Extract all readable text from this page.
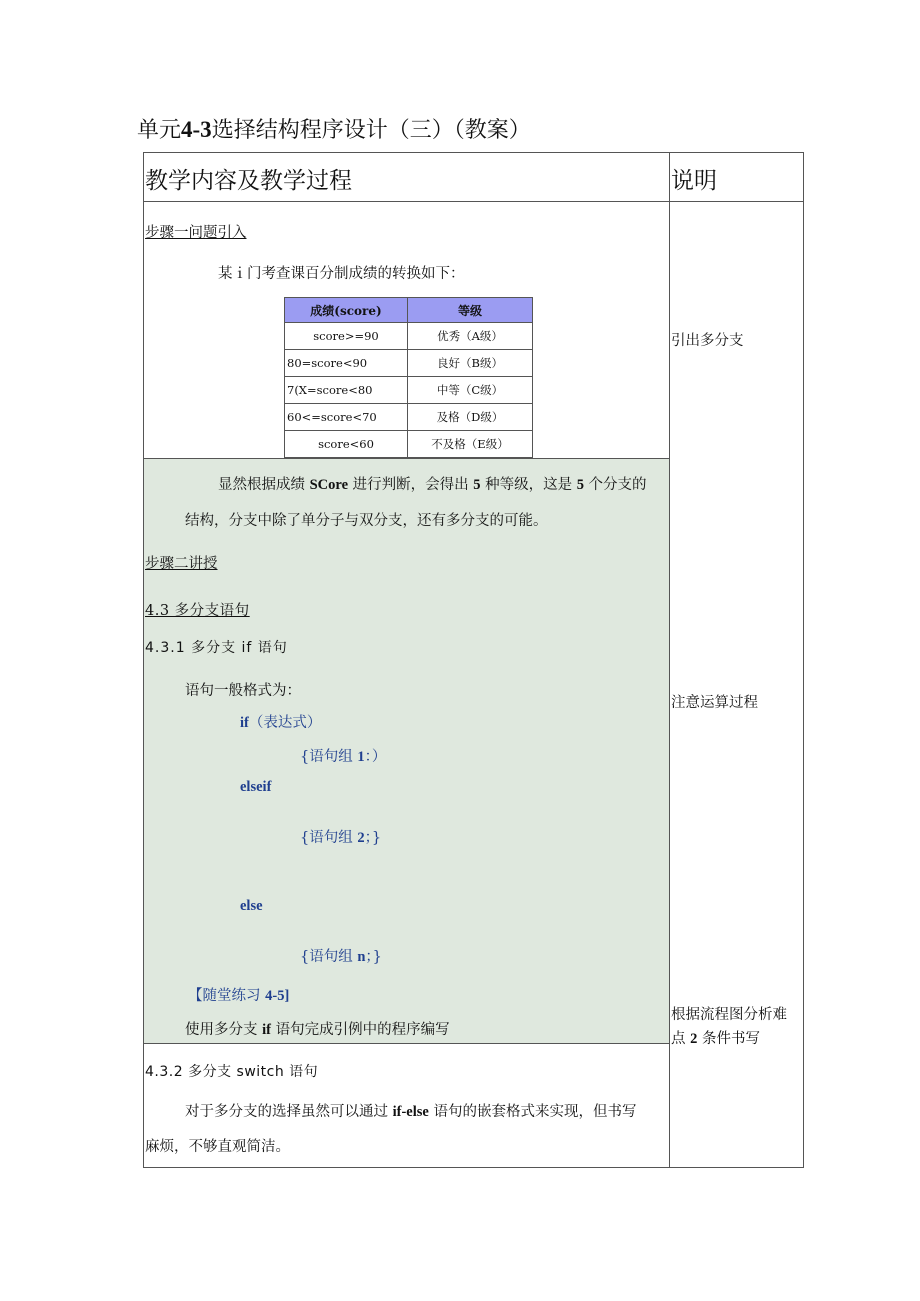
单元4-3选择结构程序设计（三）（教案）
教学内容及教学过程	说明
步骤一问题引入
某ｉ门考查课百分制成绩的转换如下：
成绩(score)	等级
score>=90	优秀（A级）
80=score<90	良好（B级）
7(X=score<80	中等（C级）
60<=score<70	及格（D级）
score<60	不及格（E级）
显然根据成绩 SCore 进行判断，会得出 5 种等级，这是 5 个分支的
结构，分支中除了单分子与双分支，还有多分支的可能。
步骤二讲授
4.3 多分支语句
4.3.1 多分支 if 语句
语句一般格式为：
if（表达式）
{语句组 1：）
elseif
{语句组 2；}
else
{语句组 n；}
【随堂练习 4-5]
使用多分支 if 语句完成引例中的程序编写
4.3.2 多分支 switch 语句
对于多分支的选择虽然可以通过 if-else 语句的嵌套格式来实现，但书写
麻烦，不够直观简洁。
引出多分支
注意运算过程
根据流程图分析难
点 2 条件书写
